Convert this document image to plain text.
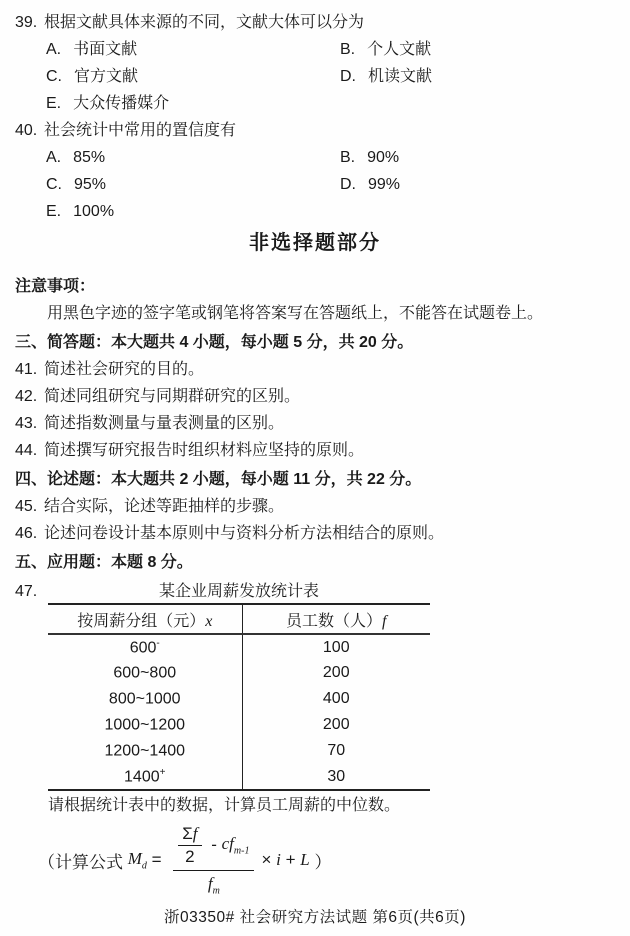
39. 根据文献具体来源的不同，文献大体可以分为
A. 书面文献	B. 个人文献
C. 官方文献	D. 机读文献
E. 大众传播媒介
40. 社会统计中常用的置信度有
A. 85%	B. 90%
C. 95%	D. 99%
E. 100%
非选择题部分
注意事项：
用黑色字迹的签字笔或钢笔将答案写在答题纸上，不能答在试题卷上。
三、简答题：本大题共 4 小题，每小题 5 分，共 20 分。
41. 简述社会研究的目的。
42. 简述同组研究与同期群研究的区别。
43. 简述指数测量与量表测量的区别。
44. 简述撰写研究报告时组织材料应坚持的原则。
四、论述题：本大题共 2 小题，每小题 11 分，共 22 分。
45. 结合实际，论述等距抽样的步骤。
46. 论述问卷设计基本原则中与资料分析方法相结合的原则。
五、应用题：本题 8 分。
47.	某企业周薪发放统计表
按周薪分组（元）x	员工数（人）f
600-	100
600~800	200
800~1000	400
1000~1200	200
1200~1400	70
1400+	30
请根据统计表中的数据，计算员工周薪的中位数。
（计算公式 $M_d = \frac{\frac{\Sigma f}{2} - cf_{m-1}}{f_m} \times i + L$ ）
浙03350# 社会研究方法试题 第6页(共6页)
